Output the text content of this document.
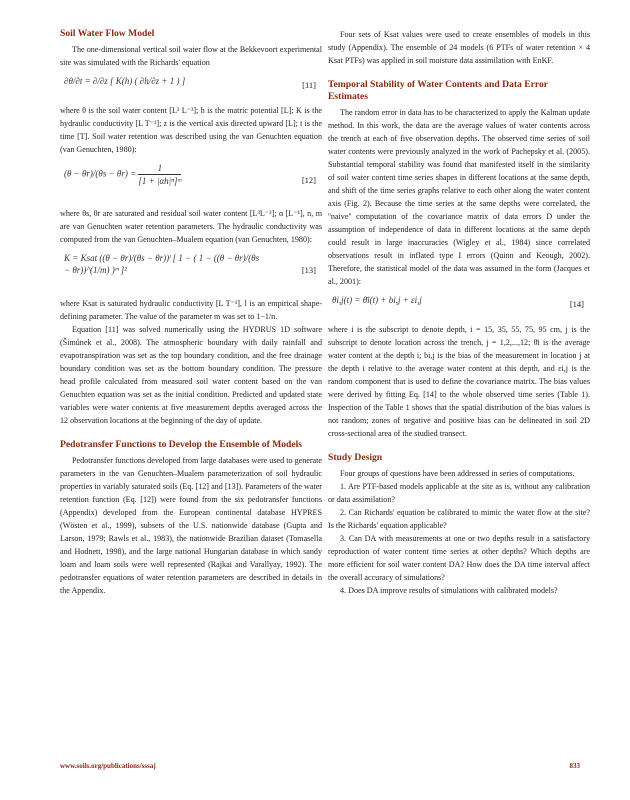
Soil Water Flow Model

The one-dimensional vertical soil water flow at the Bekkevoort experimental site was simulated with the Richards' equation

∂θ/∂t = ∂/∂z [ K(h) ( ∂h/∂z + 1 ) ]	[11]

where θ is the soil water content [L³ L⁻³]; h is the matric potential [L]; K is the hydraulic conductivity [L T⁻¹]; z is the vertical axis directed upward [L]; t is the time [T]. Soil water retention was described using the van Genuchten equation (van Genuchten, 1980):

$(\theta - \theta r)/(\theta s - \theta r) = \frac{1}{\text{[1 + |αh|ⁿ]ᵐ}}$	[12]

where θs, θr are saturated and residual soil water content [L³L⁻³]; α [L⁻¹], n, m are van Genuchten water retention parameters. The hydraulic conductivity was computed from the van Genuchten–Mualem equation (van Genuchten, 1980):

K = Ksat ((θ − θr)/(θs − θr))ˡ [ 1 − ( 1 − ((θ − θr)/(θs − θr))^(1/m) )ᵐ ]²	[13]

where Ksat is saturated hydraulic conductivity [L T⁻¹], l is an empirical shape-defining parameter. The value of the parameter m was set to 1−1/n.

Equation [11] was solved numerically using the HYDRUS 1D software (Šimůnek et al., 2008). The atmospheric boundary with daily rainfall and evapotranspiration was set as the top boundary condition, and the free drainage boundary condition was set as the bottom boundary condition. The pressure head profile calculated from measured soil water content based on the van Genuchten equation was set as the initial condition. Predicted and updated state variables were water contents at five measurement depths averaged across the 12 observation locations at the beginning of the day of update.

Pedotransfer Functions to Develop the Ensemble of Models

Pedotransfer functions developed from large databases were used to generate parameters in the van Genuchten–Mualem parameterization of soil hydraulic properties in variably saturated soils (Eq. [12] and [13]). Parameters of the water retention function (Eq. [12]) were found from the six pedotransfer functions (Appendix) developed from the European continental database HYPRES (Wösten et al., 1999), subsets of the U.S. nationwide database (Gupta and Larson, 1979; Rawls et al., 1983), the nationwide Brazilian dataset (Tomasella and Hodnett, 1998), and the large national Hungarian database in which sandy loam and loam soils were well represented (Rajkai and Varallyay, 1992). The pedotransfer equations of water retention parameters are described in details in the Appendix.

Four sets of Ksat values were used to create ensembles of models in this study (Appendix). The ensemble of 24 models (6 PTFs of water retention × 4 Ksat PTFs) was applied in soil moisture data assimilation with EnKF.

Temporal Stability of Water Contents and Data Error Estimates

The random error in data has to be characterized to apply the Kalman update method. In this work, the data are the average values of water contents across the trench at each of five observation depths. The observed time series of soil water contents were previously analyzed in the work of Pachepsky et al. (2005). Substantial temporal stability was found that manifested itself in the similarity of soil water content time series shapes in different locations at the same depth, and shift of the time series graphs relative to each other along the water content axis (Fig. 2). Because the time series at the same depths were correlated, the ''naive'' computation of the covariance matrix of data errors D under the assumption of independence of data in different locations at the same depth could result in large inaccuracies (Wigley et al., 1984) since correlated observations result in inflated type I errors (Quinn and Keough, 2002). Therefore, the statistical model of the data was assumed in the form (Jacques et al., 2001):

θi,j(t) = θ̄i(t) + bi,j + εi,j	[14]

where i is the subscript to denote depth, i = 15, 35, 55, 75, 95 cm, j is the subscript to denote location across the trench, j = 1,2,...,12; θ̄i is the average water content at the depth i; bi,j is the bias of the measurement in location j at the depth i relative to the average water content at this depth, and εi,j is the random component that is used to define the covariance matrix. The bias values were derived by fitting Eq. [14] to the whole observed time series (Table 1). Inspection of the Table 1 shows that the spatial distribution of the bias values is not random; zones of negative and positive bias can be delineated in soil 2D cross-sectional area of the studied transect.

Study Design

Four groups of questions have been addressed in series of computations.

1. Are PTF-based models applicable at the site as is, without any calibration or data assimilation?
2. Can Richards' equation be calibrated to mimic the water flow at the site? Is the Richards' equation applicable?
3. Can DA with measurements at one or two depths result in a satisfactory reproduction of water content time series at other depths? Which depths are more efficient for soil water content DA? How does the DA time interval affect the overall accuracy of simulations?
4. Does DA improve results of simulations with calibrated models?
www.soils.org/publications/sssaj	833
